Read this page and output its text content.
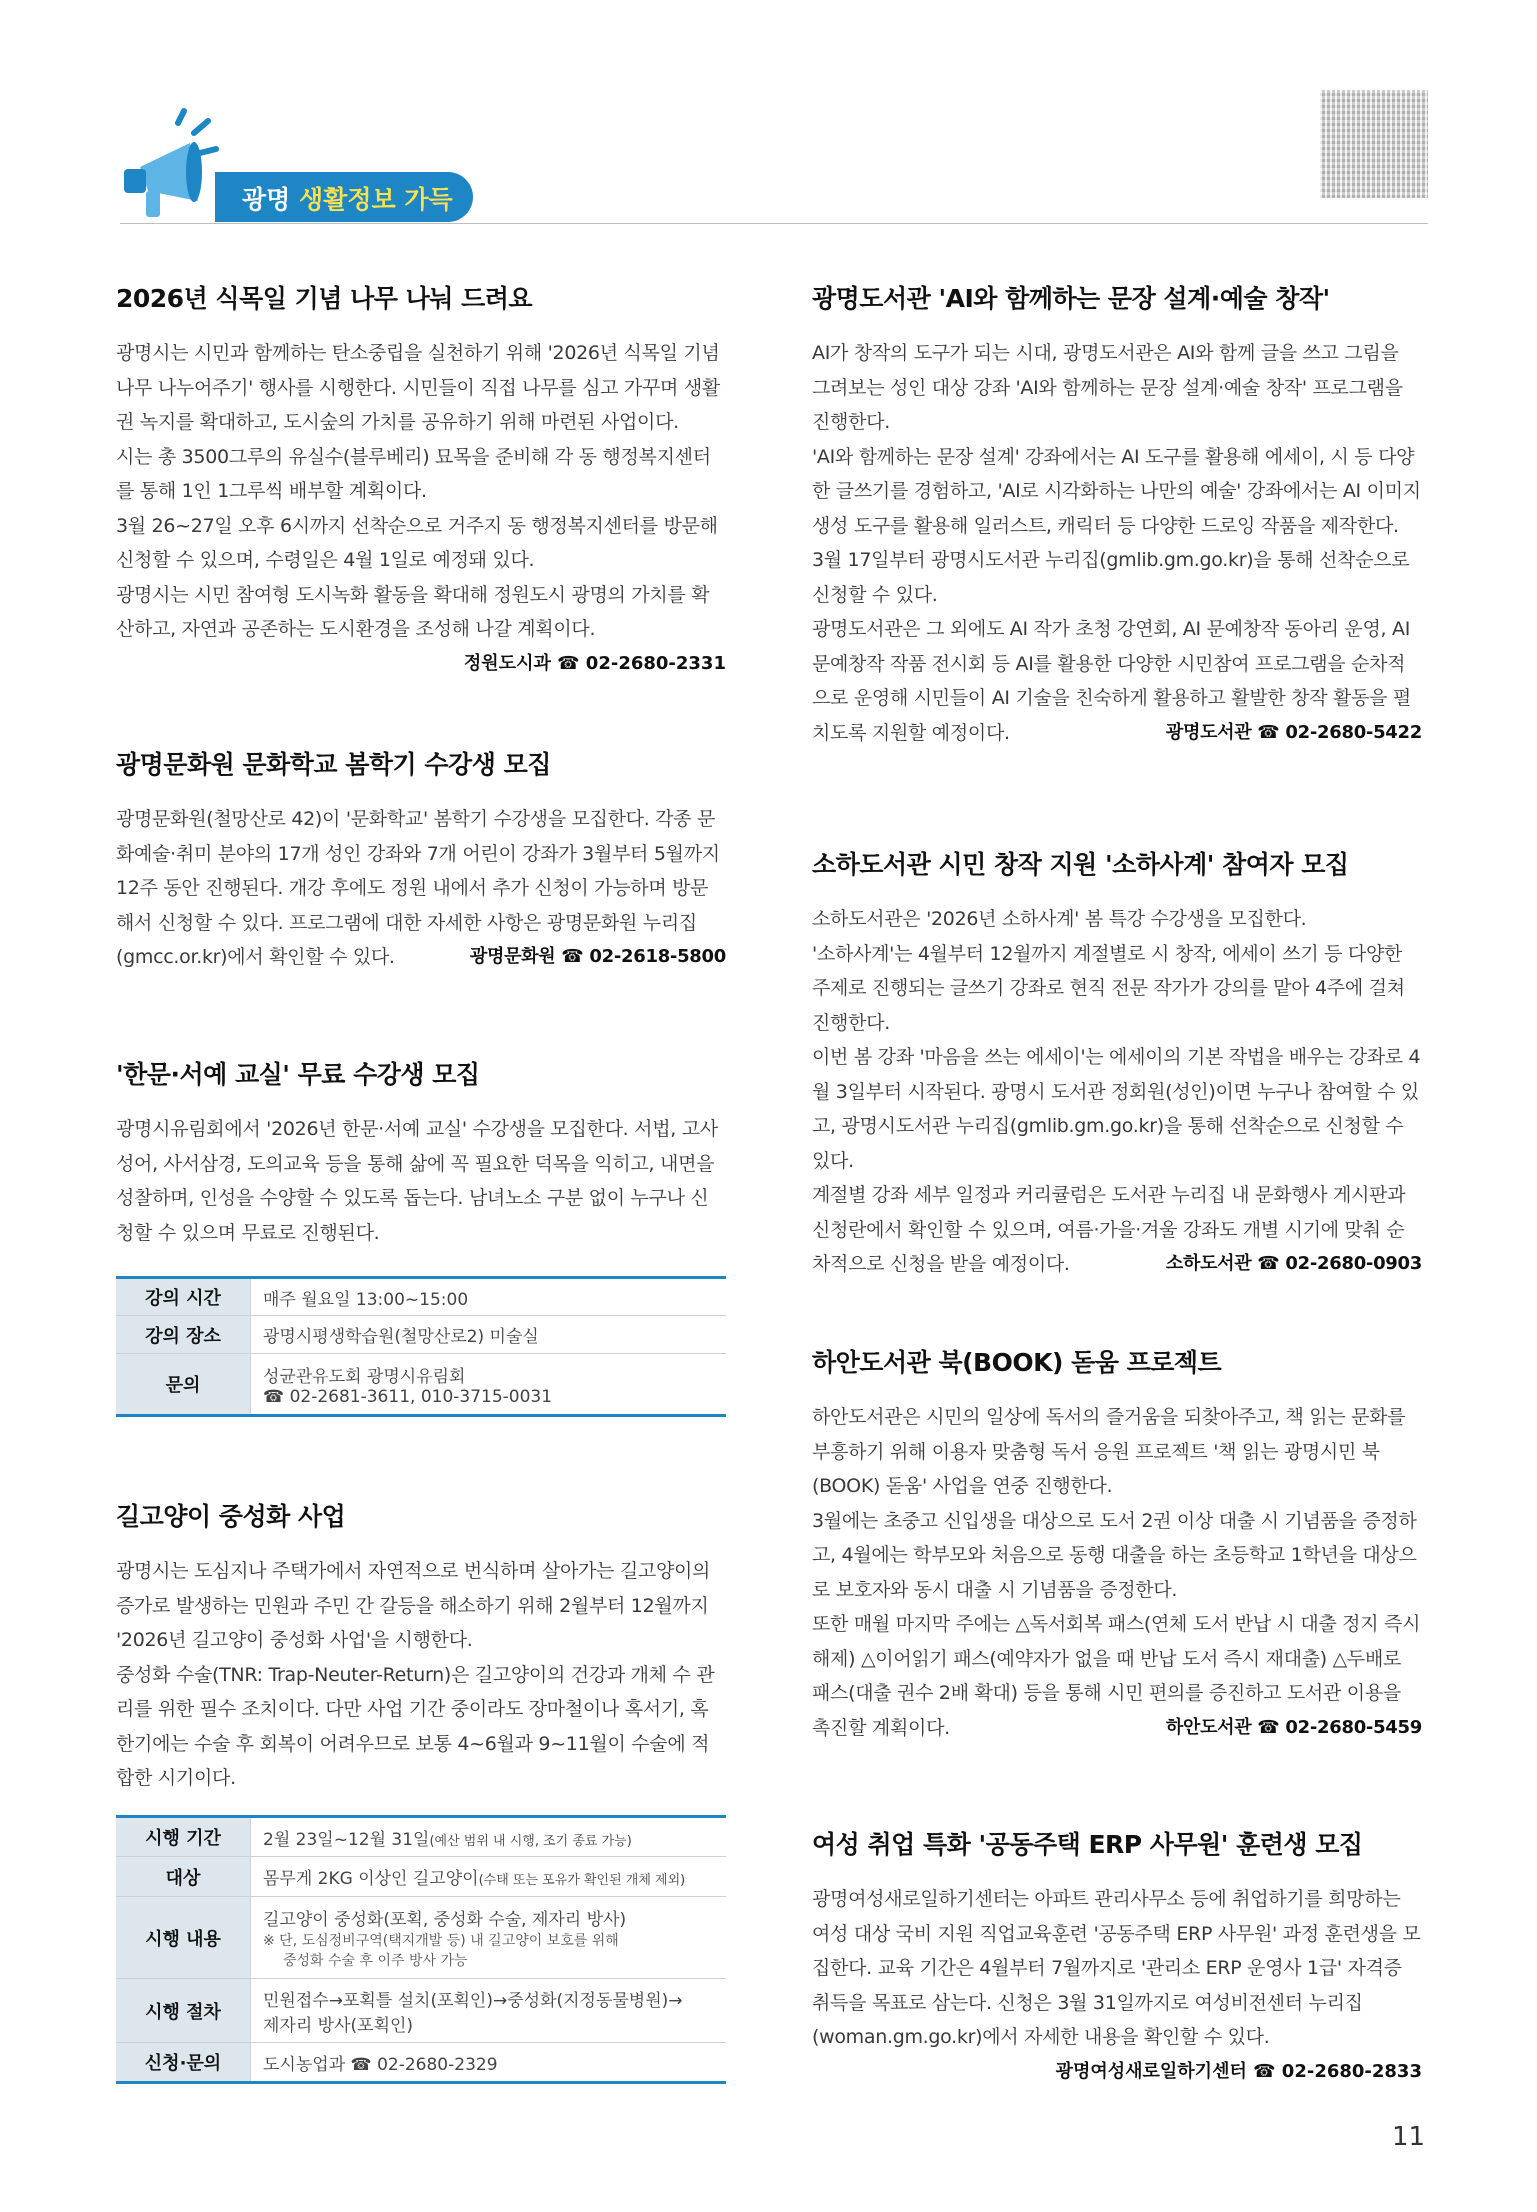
광명 생활정보 가득
2026년 식목일 기념 나무 나눠 드려요

광명시는 시민과 함께하는 탄소중립을 실천하기 위해 '2026년 식목일 기념 나무 나누어주기' 행사를 시행한다. 시민들이 직접 나무를 심고 가꾸며 생활권 녹지를 확대하고, 도시숲의 가치를 공유하기 위해 마련된 사업이다.

시는 총 3500그루의 유실수(블루베리) 묘목을 준비해 각 동 행정복지센터를 통해 1인 1그루씩 배부할 계획이다.

3월 26~27일 오후 6시까지 선착순으로 거주지 동 행정복지센터를 방문해 신청할 수 있으며, 수령일은 4월 1일로 예정돼 있다.

광명시는 시민 참여형 도시녹화 활동을 확대해 정원도시 광명의 가치를 확산하고, 자연과 공존하는 도시환경을 조성해 나갈 계획이다.

정원도시과 ☎ 02-2680-2331
광명문화원 문화학교 봄학기 수강생 모집

광명문화원(철망산로 42)이 '문화학교' 봄학기 수강생을 모집한다. 각종 문화예술·취미 분야의 17개 성인 강좌와 7개 어린이 강좌가 3월부터 5월까지 12주 동안 진행된다. 개강 후에도 정원 내에서 추가 신청이 가능하며 방문해서 신청할 수 있다. 프로그램에 대한 자세한 사항은 광명문화원 누리집(gmcc.or.kr)에서 확인할 수 있다.	광명문화원 ☎ 02-2618-5800

'한문·서예 교실' 무료 수강생 모집

광명시유림회에서 '2026년 한문·서예 교실' 수강생을 모집한다. 서법, 고사성어, 사서삼경, 도의교육 등을 통해 삶에 꼭 필요한 덕목을 익히고, 내면을 성찰하며, 인성을 수양할 수 있도록 돕는다. 남녀노소 구분 없이 누구나 신청할 수 있으며 무료로 진행된다.

강의 시간	매주 월요일 13:00~15:00
강의 장소	광명시평생학습원(철망산로2) 미술실
문의	성균관유도회 광명시유림회
☎ 02-2681-3611, 010-3715-0031
길고양이 중성화 사업

광명시는 도심지나 주택가에서 자연적으로 번식하며 살아가는 길고양이의 증가로 발생하는 민원과 주민 간 갈등을 해소하기 위해 2월부터 12월까지 '2026년 길고양이 중성화 사업'을 시행한다.

중성화 수술(TNR: Trap-Neuter-Return)은 길고양이의 건강과 개체 수 관리를 위한 필수 조치이다. 다만 사업 기간 중이라도 장마철이나 혹서기, 혹한기에는 수술 후 회복이 어려우므로 보통 4~6월과 9~11월이 수술에 적합한 시기이다.

시행 기간	2월 23일~12월 31일(예산 범위 내 시행, 조기 종료 가능)
대상	몸무게 2KG 이상인 길고양이(수태 또는 포유가 확인된 개체 제외)
시행 내용	길고양이 중성화(포획, 중성화 수술, 제자리 방사)
※ 단, 도심정비구역(택지개발 등) 내 길고양이 보호를 위해
중성화 수술 후 이주 방사 가능

시행 절차	민원접수→포획틀 설치(포획인)→중성화(지정동물병원)→
제자리 방사(포획인)

신청·문의	도시농업과 ☎ 02-2680-2329
광명도서관 'AI와 함께하는 문장 설계·예술 창작'

AI가 창작의 도구가 되는 시대, 광명도서관은 AI와 함께 글을 쓰고 그림을 그려보는 성인 대상 강좌 'AI와 함께하는 문장 설계·예술 창작' 프로그램을 진행한다.

'AI와 함께하는 문장 설계' 강좌에서는 AI 도구를 활용해 에세이, 시 등 다양한 글쓰기를 경험하고, 'AI로 시각화하는 나만의 예술' 강좌에서는 AI 이미지 생성 도구를 활용해 일러스트, 캐릭터 등 다양한 드로잉 작품을 제작한다.

3월 17일부터 광명시도서관 누리집(gmlib.gm.go.kr)을 통해 선착순으로 신청할 수 있다.

광명도서관은 그 외에도 AI 작가 초청 강연회, AI 문예창작 동아리 운영, AI 문예창작 작품 전시회 등 AI를 활용한 다양한 시민참여 프로그램을 순차적으로 운영해 시민들이 AI 기술을 친숙하게 활용하고 활발한 창작 활동을 펼치도록 지원할 예정이다.	광명도서관 ☎ 02-2680-5422

소하도서관 시민 창작 지원 '소하사계' 참여자 모집

소하도서관은 '2026년 소하사계' 봄 특강 수강생을 모집한다.

'소하사계'는 4월부터 12월까지 계절별로 시 창작, 에세이 쓰기 등 다양한 주제로 진행되는 글쓰기 강좌로 현직 전문 작가가 강의를 맡아 4주에 걸쳐 진행한다.

이번 봄 강좌 '마음을 쓰는 에세이'는 에세이의 기본 작법을 배우는 강좌로 4월 3일부터 시작된다. 광명시 도서관 정회원(성인)이면 누구나 참여할 수 있고, 광명시도서관 누리집(gmlib.gm.go.kr)을 통해 선착순으로 신청할 수 있다.

계절별 강좌 세부 일정과 커리큘럼은 도서관 누리집 내 문화행사 게시판과 신청란에서 확인할 수 있으며, 여름·가을·겨울 강좌도 개별 시기에 맞춰 순차적으로 신청을 받을 예정이다.	소하도서관 ☎ 02-2680-0903

하안도서관 북(BOOK) 돋움 프로젝트

하안도서관은 시민의 일상에 독서의 즐거움을 되찾아주고, 책 읽는 문화를 부흥하기 위해 이용자 맞춤형 독서 응원 프로젝트 '책 읽는 광명시민 북(BOOK) 돋움' 사업을 연중 진행한다.

3월에는 초중고 신입생을 대상으로 도서 2권 이상 대출 시 기념품을 증정하고, 4월에는 학부모와 처음으로 동행 대출을 하는 초등학교 1학년을 대상으로 보호자와 동시 대출 시 기념품을 증정한다.

또한 매월 마지막 주에는 △독서회복 패스(연체 도서 반납 시 대출 정지 즉시 해제) △이어읽기 패스(예약자가 없을 때 반납 도서 즉시 재대출) △두배로 패스(대출 권수 2배 확대) 등을 통해 시민 편의를 증진하고 도서관 이용을 촉진할 계획이다.	하안도서관 ☎ 02-2680-5459

여성 취업 특화 '공동주택 ERP 사무원' 훈련생 모집

광명여성새로일하기센터는 아파트 관리사무소 등에 취업하기를 희망하는 여성 대상 국비 지원 직업교육훈련 '공동주택 ERP 사무원' 과정 훈련생을 모집한다. 교육 기간은 4월부터 7월까지로 '관리소 ERP 운영사 1급' 자격증 취득을 목표로 삼는다. 신청은 3월 31일까지로 여성비전센터 누리집(woman.gm.go.kr)에서 자세한 내용을 확인할 수 있다.

광명여성새로일하기센터 ☎ 02-2680-2833
11
